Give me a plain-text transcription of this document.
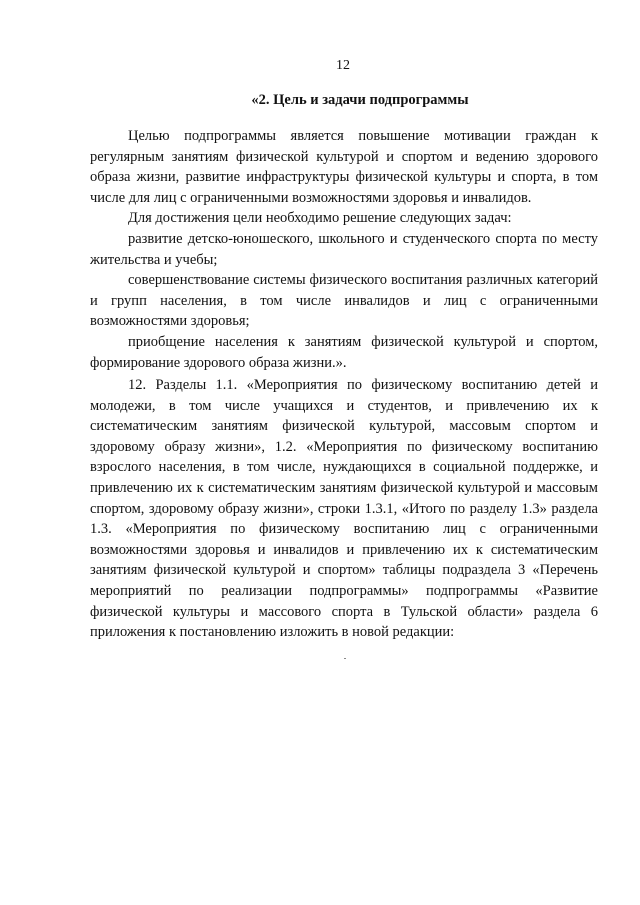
12
«2. Цель и задачи подпрограммы

Целью подпрограммы является повышение мотивации граждан к регулярным занятиям физической культурой и спортом и ведению здорового образа жизни, развитие инфраструктуры физической культуры и спорта, в том числе для лиц с ограниченными возможностями здоровья и инвалидов.

Для достижения цели необходимо решение следующих задач:

развитие детско-юношеского, школьного и студенческого спорта по месту жительства и учебы;

совершенствование системы физического воспитания различных категорий и групп населения, в том числе инвалидов и лиц с ограниченными возможностями здоровья;

приобщение населения к занятиям физической культурой и спортом, формирование здорового образа жизни.».

12. Разделы 1.1. «Мероприятия по физическому воспитанию детей и молодежи, в том числе учащихся и студентов, и привлечению их к систематическим занятиям физической культурой, массовым спортом и здоровому образу жизни», 1.2. «Мероприятия по физическому воспитанию взрослого населения, в том числе, нуждающихся в социальной поддержке, и привлечению их к систематическим занятиям физической культурой и массовым спортом, здоровому образу жизни», строки 1.3.1, «Итого по разделу 1.3» раздела 1.3. «Мероприятия по физическому воспитанию лиц с ограниченными возможностями здоровья и инвалидов и привлечению их к систематическим занятиям физической культурой и спортом» таблицы подраздела 3 «Перечень мероприятий по реализации подпрограммы» подпрограммы «Развитие физической культуры и массового спорта в Тульской области» раздела 6 приложения к постановлению изложить в новой редакции:
